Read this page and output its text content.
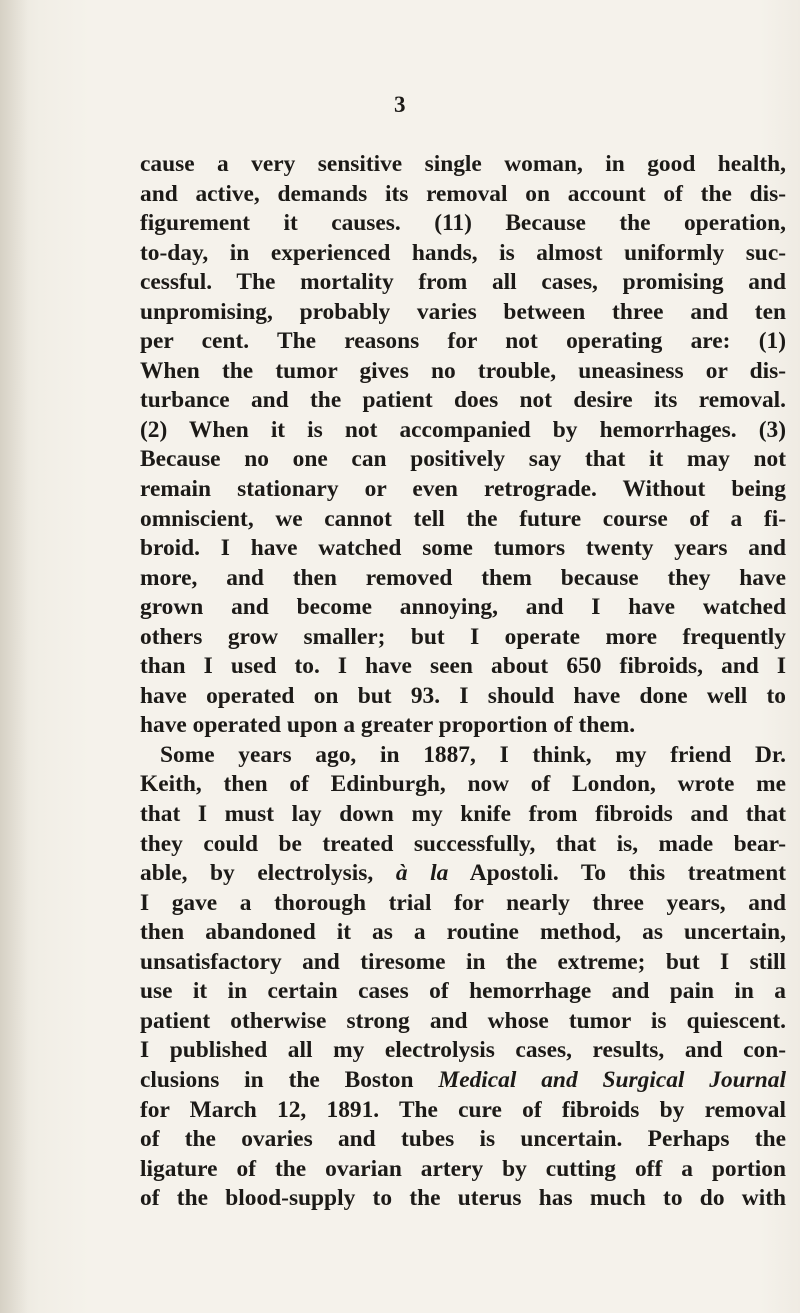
3
cause a very sensitive single woman, in good health,
and active, demands its removal on account of the dis-
figurement it causes. (11) Because the operation,
to-day, in experienced hands, is almost uniformly suc-
cessful. The mortality from all cases, promising and
unpromising, probably varies between three and ten
per cent. The reasons for not operating are: (1)
When the tumor gives no trouble, uneasiness or dis-
turbance and the patient does not desire its removal.
(2) When it is not accompanied by hemorrhages. (3)
Because no one can positively say that it may not
remain stationary or even retrograde. Without being
omniscient, we cannot tell the future course of a fi-
broid. I have watched some tumors twenty years and
more, and then removed them because they have
grown and become annoying, and I have watched
others grow smaller; but I operate more frequently
than I used to. I have seen about 650 fibroids, and I
have operated on but 93. I should have done well to
have operated upon a greater proportion of them.
Some years ago, in 1887, I think, my friend Dr.
Keith, then of Edinburgh, now of London, wrote me
that I must lay down my knife from fibroids and that
they could be treated successfully, that is, made bear-
able, by electrolysis, à la Apostoli. To this treatment
I gave a thorough trial for nearly three years, and
then abandoned it as a routine method, as uncertain,
unsatisfactory and tiresome in the extreme; but I still
use it in certain cases of hemorrhage and pain in a
patient otherwise strong and whose tumor is quiescent.
I published all my electrolysis cases, results, and con-
clusions in the Boston Medical and Surgical Journal
for March 12, 1891. The cure of fibroids by removal
of the ovaries and tubes is uncertain. Perhaps the
ligature of the ovarian artery by cutting off a portion
of the blood-supply to the uterus has much to do with
